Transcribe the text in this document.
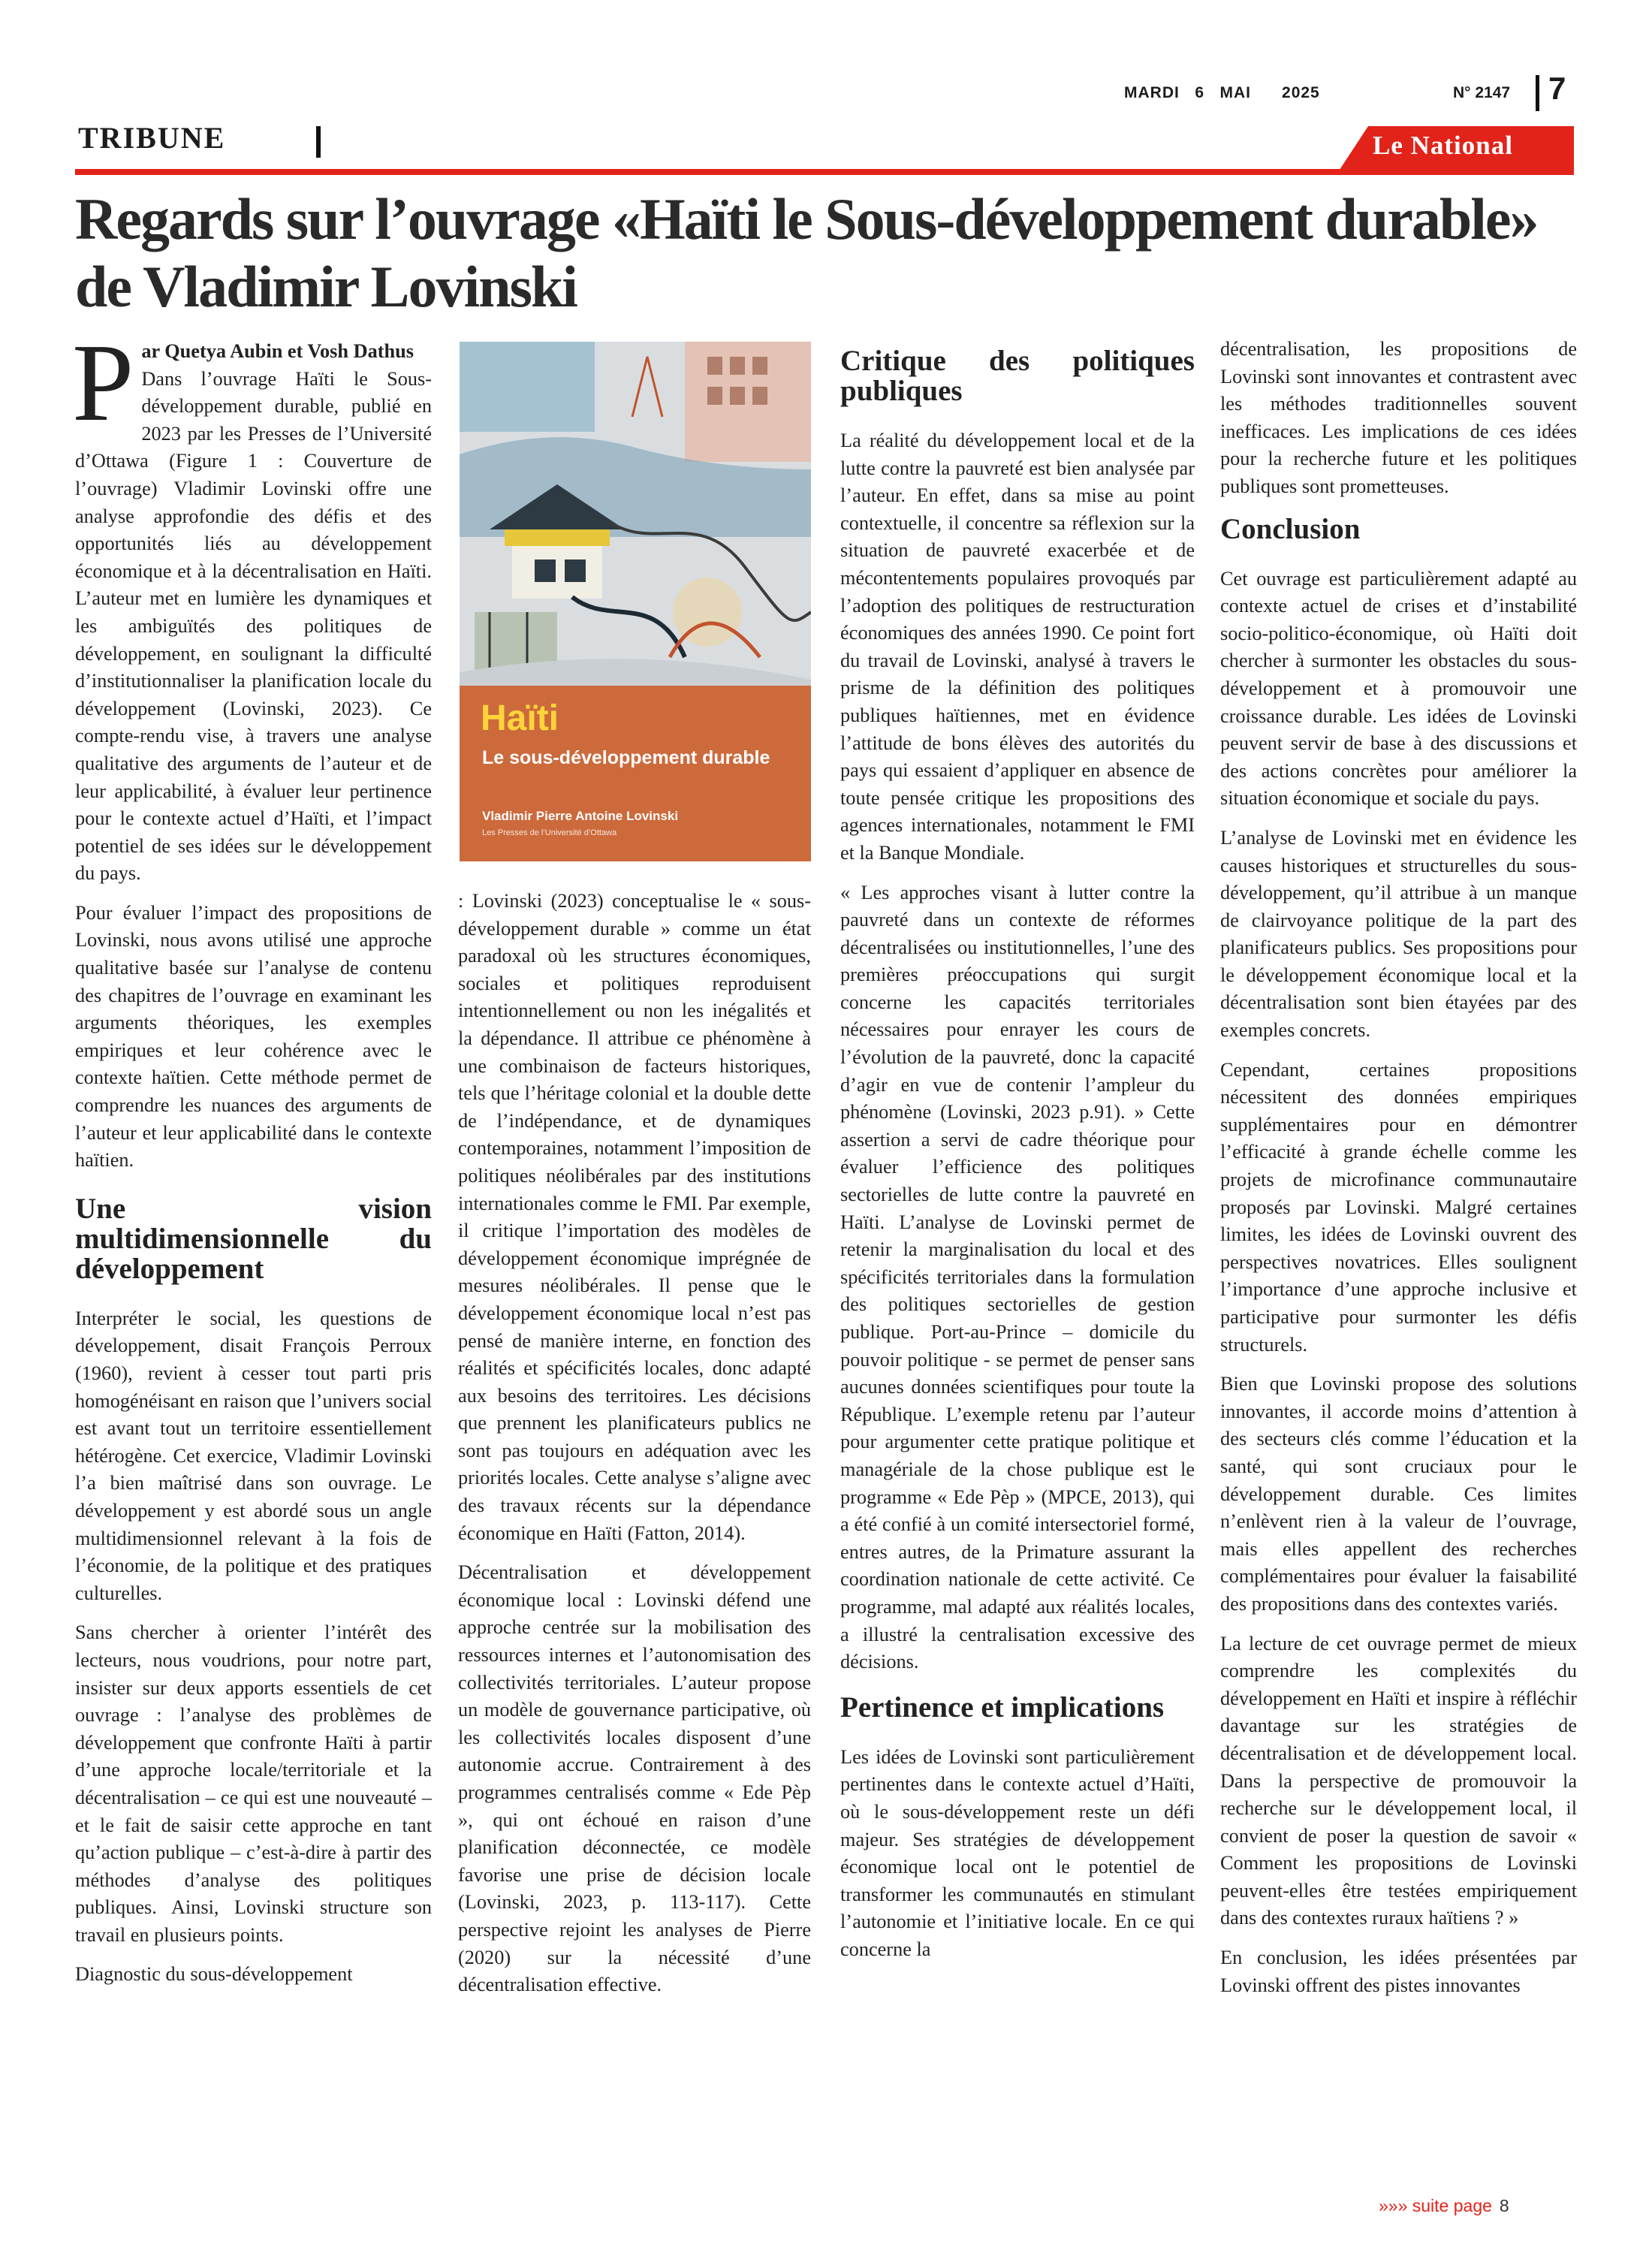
MARDI   6   MAI      2025	N° 2147 7
TRIBUNE	Le National
Regards sur l’ouvrage «Haïti le Sous-développement durable» de Vladimir Lovinski
P ar Quetya Aubin et Vosh Dathus
Dans l’ouvrage Haïti le Sous-développement durable, publié en 2023 par les Presses de l’Université d’Ottawa (Figure 1 : Couverture de l’ouvrage) Vladimir Lovinski offre une analyse approfondie des défis et des opportunités liés au développement économique et à la décentralisation en Haïti. L’auteur met en lumière les dynamiques et les ambiguïtés des politiques de développement, en soulignant la difficulté d’institutionnaliser la planification locale du développement (Lovinski, 2023). Ce compte-rendu vise, à travers une analyse qualitative des arguments de l’auteur et de leur applicabilité, à évaluer leur pertinence pour le contexte actuel d’Haïti, et l’impact potentiel de ses idées sur le développement du pays.

Pour évaluer l’impact des propositions de Lovinski, nous avons utilisé une approche qualitative basée sur l’analyse de contenu des chapitres de l’ouvrage en examinant les arguments théoriques, les exemples empiriques et leur cohérence avec le contexte haïtien. Cette méthode permet de comprendre les nuances des arguments de l’auteur et leur applicabilité dans le contexte haïtien.

Une vision multidimensionnelle du développement

Interpréter le social, les questions de développement, disait François Perroux (1960), revient à cesser tout parti pris homogénéisant en raison que l’univers social est avant tout un territoire essentiellement hétérogène. Cet exercice, Vladimir Lovinski l’a bien maîtrisé dans son ouvrage. Le développement y est abordé sous un angle multidimensionnel relevant à la fois de l’économie, de la politique et des pratiques culturelles.

Sans chercher à orienter l’intérêt des lecteurs, nous voudrions, pour notre part, insister sur deux apports essentiels de cet ouvrage : l’analyse des problèmes de développement que confronte Haïti à partir d’une approche locale/territoriale et la décentralisation – ce qui est une nouveauté – et le fait de saisir cette approche en tant qu’action publique – c’est-à-dire à partir des méthodes d’analyse des politiques publiques. Ainsi, Lovinski structure son travail en plusieurs points.

Diagnostic du sous-développement

Haïti
Le sous-développement durable
Vladimir Pierre Antoine Lovinski
Les Presses de l’Université d’Ottawa

: Lovinski (2023) conceptualise le « sous-développement durable » comme un état paradoxal où les structures économiques, sociales et politiques reproduisent intentionnellement ou non les inégalités et la dépendance. Il attribue ce phénomène à une combinaison de facteurs historiques, tels que l’héritage colonial et la double dette de l’indépendance, et de dynamiques contemporaines, notamment l’imposition de politiques néolibérales par des institutions internationales comme le FMI. Par exemple, il critique l’importation des modèles de développement économique imprégnée de mesures néolibérales. Il pense que le développement économique local n’est pas pensé de manière interne, en fonction des réalités et spécificités locales, donc adapté aux besoins des territoires. Les décisions que prennent les planificateurs publics ne sont pas toujours en adéquation avec les priorités locales. Cette analyse s’aligne avec des travaux récents sur la dépendance économique en Haïti (Fatton, 2014).

Décentralisation et développement économique local : Lovinski défend une approche centrée sur la mobilisation des ressources internes et l’autonomisation des collectivités territoriales. L’auteur propose un modèle de gouvernance participative, où les collectivités locales disposent d’une autonomie accrue. Contrairement à des programmes centralisés comme « Ede Pèp », qui ont échoué en raison d’une planification déconnectée, ce modèle favorise une prise de décision locale (Lovinski, 2023, p. 113-117). Cette perspective rejoint les analyses de Pierre (2020) sur la nécessité d’une décentralisation effective.

Critique des politiques publiques

La réalité du développement local et de la lutte contre la pauvreté est bien analysée par l’auteur. En effet, dans sa mise au point contextuelle, il concentre sa réflexion sur la situation de pauvreté exacerbée et de mécontentements populaires provoqués par l’adoption des politiques de restructuration économiques des années 1990. Ce point fort du travail de Lovinski, analysé à travers le prisme de la définition des politiques publiques haïtiennes, met en évidence l’attitude de bons élèves des autorités du pays qui essaient d’appliquer en absence de toute pensée critique les propositions des agences internationales, notamment le FMI et la Banque Mondiale.

« Les approches visant à lutter contre la pauvreté dans un contexte de réformes décentralisées ou institutionnelles, l’une des premières préoccupations qui surgit concerne les capacités territoriales nécessaires pour enrayer les cours de l’évolution de la pauvreté, donc la capacité d’agir en vue de contenir l’ampleur du phénomène (Lovinski, 2023 p.91). » Cette assertion a servi de cadre théorique pour évaluer l’efficience des politiques sectorielles de lutte contre la pauvreté en Haïti. L’analyse de Lovinski permet de retenir la marginalisation du local et des spécificités territoriales dans la formulation des politiques sectorielles de gestion publique. Port-au-Prince – domicile du pouvoir politique - se permet de penser sans aucunes données scientifiques pour toute la République. L’exemple retenu par l’auteur pour argumenter cette pratique politique et managériale de la chose publique est le programme « Ede Pèp » (MPCE, 2013), qui a été confié à un comité intersectoriel formé, entres autres, de la Primature assurant la coordination nationale de cette activité. Ce programme, mal adapté aux réalités locales, a illustré la centralisation excessive des décisions.

Pertinence et implications

Les idées de Lovinski sont particulièrement pertinentes dans le contexte actuel d’Haïti, où le sous-développement reste un défi majeur. Ses stratégies de développement économique local ont le potentiel de transformer les communautés en stimulant l’autonomie et l’initiative locale. En ce qui concerne la

décentralisation, les propositions de Lovinski sont innovantes et contrastent avec les méthodes traditionnelles souvent inefficaces. Les implications de ces idées pour la recherche future et les politiques publiques sont prometteuses.

Conclusion

Cet ouvrage est particulièrement adapté au contexte actuel de crises et d’instabilité socio-politico-économique, où Haïti doit chercher à surmonter les obstacles du sous-développement et à promouvoir une croissance durable. Les idées de Lovinski peuvent servir de base à des discussions et des actions concrètes pour améliorer la situation économique et sociale du pays.

L’analyse de Lovinski met en évidence les causes historiques et structurelles du sous-développement, qu’il attribue à un manque de clairvoyance politique de la part des planificateurs publics. Ses propositions pour le développement économique local et la décentralisation sont bien étayées par des exemples concrets.

Cependant, certaines propositions nécessitent des données empiriques supplémentaires pour en démontrer l’efficacité à grande échelle comme les projets de microfinance communautaire proposés par Lovinski. Malgré certaines limites, les idées de Lovinski ouvrent des perspectives novatrices. Elles soulignent l’importance d’une approche inclusive et participative pour surmonter les défis structurels.

Bien que Lovinski propose des solutions innovantes, il accorde moins d’attention à des secteurs clés comme l’éducation et la santé, qui sont cruciaux pour le développement durable. Ces limites n’enlèvent rien à la valeur de l’ouvrage, mais elles appellent des recherches complémentaires pour évaluer la faisabilité des propositions dans des contextes variés.

La lecture de cet ouvrage permet de mieux comprendre les complexités du développement en Haïti et inspire à réfléchir davantage sur les stratégies de décentralisation et de développement local. Dans la perspective de promouvoir la recherche sur le développement local, il convient de poser la question de savoir « Comment les propositions de Lovinski peuvent-elles être testées empiriquement dans des contextes ruraux haïtiens ? »

En conclusion, les idées présentées par Lovinski offrent des pistes innovantes

»»» suite page 8
